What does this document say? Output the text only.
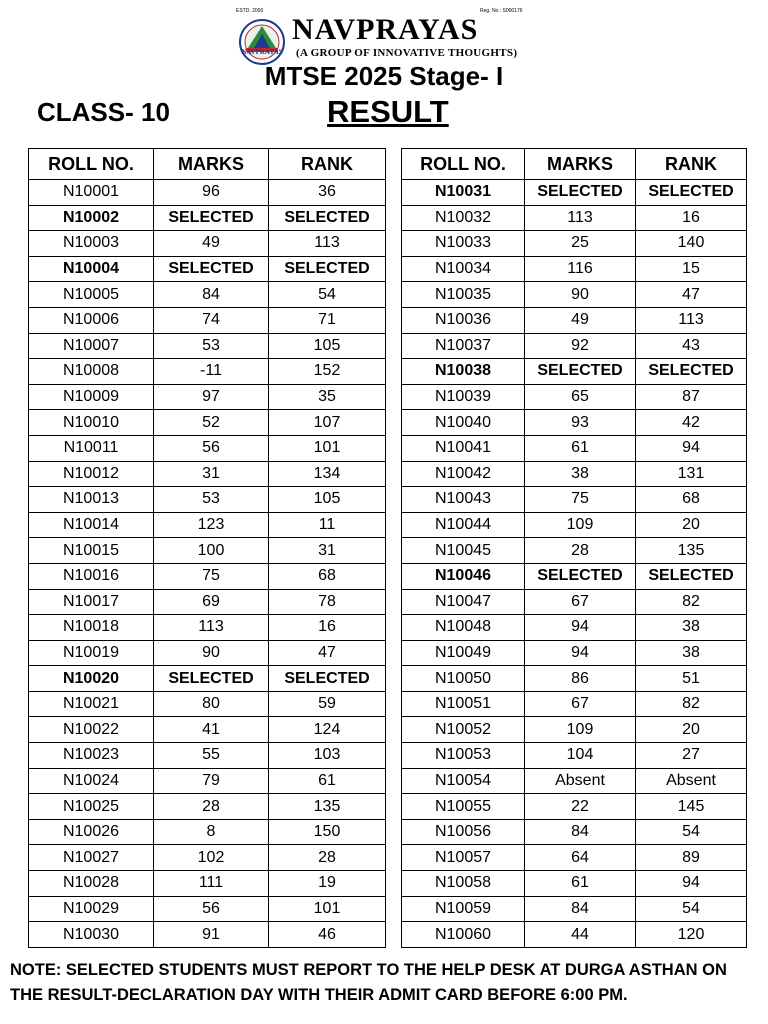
ESTD. 2000	Reg. No.: S000176
NAVPRAYAS
NAVPRAYAS
(A GROUP OF INNOVATIVE THOUGHTS)
MTSE 2025 Stage- I
CLASS- 10	RESULT
ROLL NO.	MARKS	RANK
N10001	96	36
N10002	SELECTED	SELECTED
N10003	49	113
N10004	SELECTED	SELECTED
N10005	84	54
N10006	74	71
N10007	53	105
N10008	-11	152
N10009	97	35
N10010	52	107
N10011	56	101
N10012	31	134
N10013	53	105
N10014	123	11
N10015	100	31
N10016	75	68
N10017	69	78
N10018	113	16
N10019	90	47
N10020	SELECTED	SELECTED
N10021	80	59
N10022	41	124
N10023	55	103
N10024	79	61
N10025	28	135
N10026	8	150
N10027	102	28
N10028	111	19
N10029	56	101
N10030	91	46
ROLL NO.	MARKS	RANK
N10031	SELECTED	SELECTED
N10032	113	16
N10033	25	140
N10034	116	15
N10035	90	47
N10036	49	113
N10037	92	43
N10038	SELECTED	SELECTED
N10039	65	87
N10040	93	42
N10041	61	94
N10042	38	131
N10043	75	68
N10044	109	20
N10045	28	135
N10046	SELECTED	SELECTED
N10047	67	82
N10048	94	38
N10049	94	38
N10050	86	51
N10051	67	82
N10052	109	20
N10053	104	27
N10054	Absent	Absent
N10055	22	145
N10056	84	54
N10057	64	89
N10058	61	94
N10059	84	54
N10060	44	120
NOTE: SELECTED STUDENTS MUST REPORT TO THE HELP DESK AT DURGA ASTHAN ON THE RESULT-DECLARATION DAY WITH THEIR ADMIT CARD BEFORE 6:00 PM.
